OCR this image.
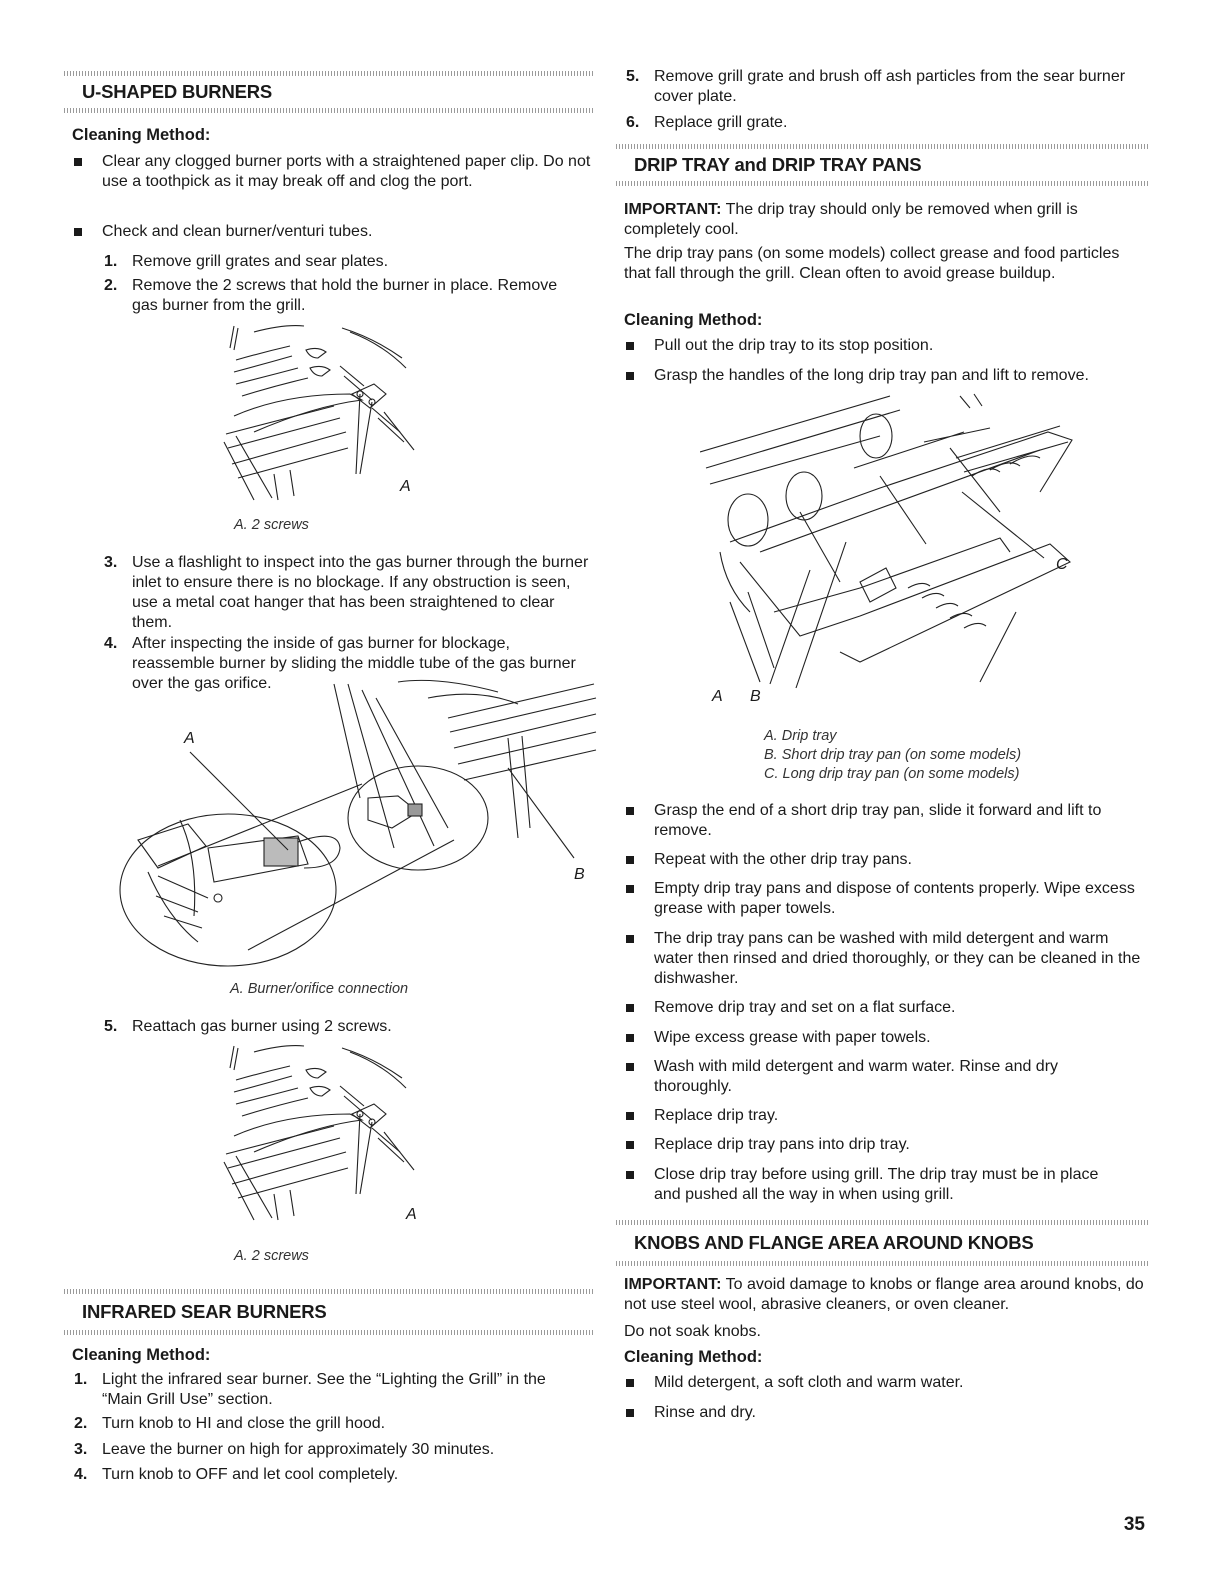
U-SHAPED BURNERS
Cleaning Method:
Clear any clogged burner ports with a straightened paper clip. Do not use a toothpick as it may break off and clog the port.
Check and clean burner/venturi tubes.
1. Remove grill grates and sear plates.
2. Remove the 2 screws that hold the burner in place. Remove gas burner from the grill.
A
A. 2 screws
3. Use a flashlight to inspect into the gas burner through the burner inlet to ensure there is no blockage. If any obstruction is seen, use a metal coat hanger that has been straightened to clear them.
4. After inspecting the inside of gas burner for blockage, reassemble burner by sliding the middle tube of the gas burner over the gas orifice.
A
B
A. Burner/orifice connection
5. Reattach gas burner using 2 screws.
A
A. 2 screws
INFRARED SEAR BURNERS
Cleaning Method:
1. Light the infrared sear burner. See the “Lighting the Grill” in the “Main Grill Use” section.
2. Turn knob to HI and close the grill hood.
3. Leave the burner on high for approximately 30 minutes.
4. Turn knob to OFF and let cool completely.
5. Remove grill grate and brush off ash particles from the sear burner cover plate.
6. Replace grill grate.
DRIP TRAY and DRIP TRAY PANS
IMPORTANT: The drip tray should only be removed when grill is completely cool.
The drip tray pans (on some models) collect grease and food particles that fall through the grill. Clean often to avoid grease buildup.
Cleaning Method:
Pull out the drip tray to its stop position.
Grasp the handles of the long drip tray pan and lift to remove.
A B
C
A. Drip tray
B. Short drip tray pan (on some models)
C. Long drip tray pan (on some models)
Grasp the end of a short drip tray pan, slide it forward and lift to remove.
Repeat with the other drip tray pans.
Empty drip tray pans and dispose of contents properly. Wipe excess grease with paper towels.
The drip tray pans can be washed with mild detergent and warm water then rinsed and dried thoroughly, or they can be cleaned in the dishwasher.
Remove drip tray and set on a flat surface.
Wipe excess grease with paper towels.
Wash with mild detergent and warm water. Rinse and dry thoroughly.
Replace drip tray.
Replace drip tray pans into drip tray.
Close drip tray before using grill. The drip tray must be in place and pushed all the way in when using grill.
KNOBS AND FLANGE AREA AROUND KNOBS
IMPORTANT: To avoid damage to knobs or flange area around knobs, do not use steel wool, abrasive cleaners, or oven cleaner.
Do not soak knobs.
Cleaning Method:
Mild detergent, a soft cloth and warm water.
Rinse and dry.
35
